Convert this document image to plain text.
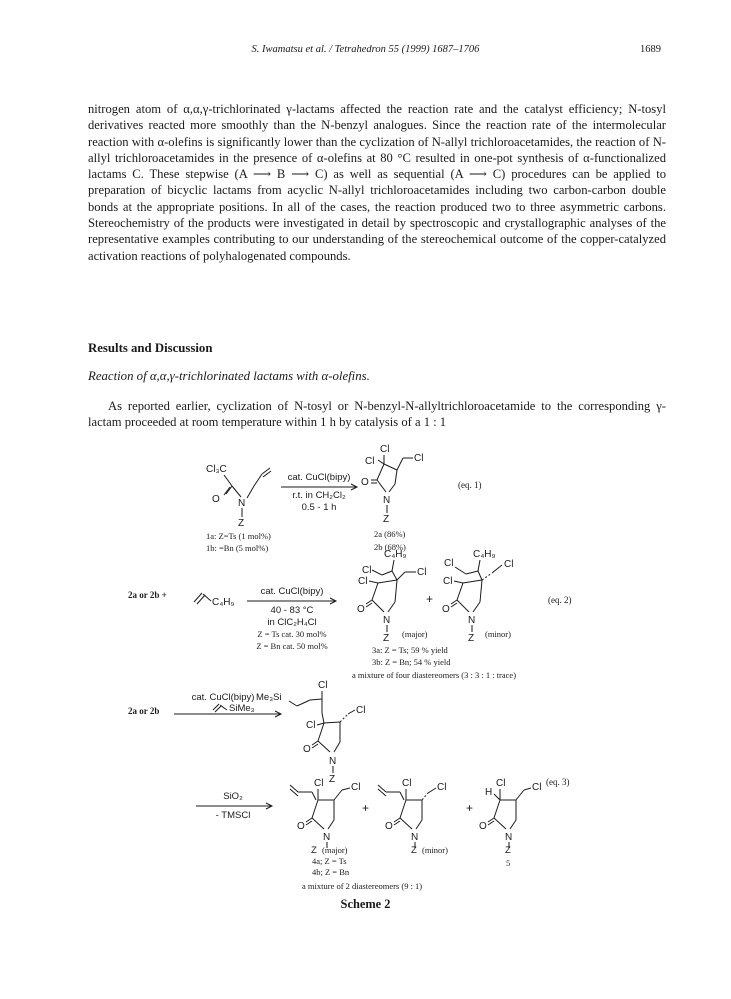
S. Iwamatsu et al. / Tetrahedron 55 (1999) 1687–1706	1689
nitrogen atom of α,α,γ-trichlorinated γ-lactams affected the reaction rate and the catalyst efficiency; N-tosyl derivatives reacted more smoothly than the N-benzyl analogues. Since the reaction rate of the intermolecular reaction with α-olefins is significantly lower than the cyclization of N-allyl trichloroacetamides, the reaction of N-allyl trichloroacetamides in the presence of α-olefins at 80 °C resulted in one-pot synthesis of α-functionalized lactams C. These stepwise (A ⟶ B ⟶ C) as well as sequential (A ⟶ C) procedures can be applied to preparation of bicyclic lactams from acyclic N-allyl trichloroacetamides including two carbon-carbon double bonds at the appropriate positions. In all of the cases, the reaction produced two to three asymmetric carbons. Stereochemistry of the products were investigated in detail by spectroscopic and crystallographic analyses of the representative examples contributing to our understanding of the stereochemical outcome of the copper-catalyzed activation reactions of polyhalogenated compounds.
Results and Discussion
Reaction of α,α,γ-trichlorinated lactams with α-olefins.
As reported earlier, cyclization of N-tosyl or N-benzyl-N-allyltrichloroacetamide to the corresponding γ-lactam proceeded at room temperature within 1 h by catalysis of a 1 : 1
Cl₃C
O N
Z
1a: Z=Ts (1 mol%)
1b: =Bn (5 mol%)
cat. CuCl(bipy)
r.t. in CH₂Cl₂
0.5 - 1 h
Cl
Cl	Cl
O
N
Z
2a (86%)
2b (68%)
(eq. 1)
2a or 2b +
C₄H₉
cat. CuCl(bipy)
40 - 83 °C
in ClC₂H₄Cl
Z = Ts cat. 30 mol%
Z = Bn cat. 50 mol%
C₄H₉
Cl
Cl
Cl
O
N
Z (major)
+
C₄H₉
Cl
Cl
Cl
O
N
Z (minor)
(eq. 2)
3a: Z = Ts; 59 % yield
3b: Z = Bn; 54 % yield
a mixture of four diastereomers (3 : 3 : 1 : trace)
2a or 2b
cat. CuCl(bipy)
SiMe₃
Me₃Si
Cl
Cl
Cl
O
N
Z	(eq. 3)
SiO₂
- TMSCl
Cl	Cl
O
N
Z (major)
4a; Z = Ts
4b; Z = Bn
+
Cl	Cl
O
N
Z (minor)
+
H
Cl	Cl
O
N
Z
5
a mixture of 2 diastereomers (9 : 1)
Scheme 2
